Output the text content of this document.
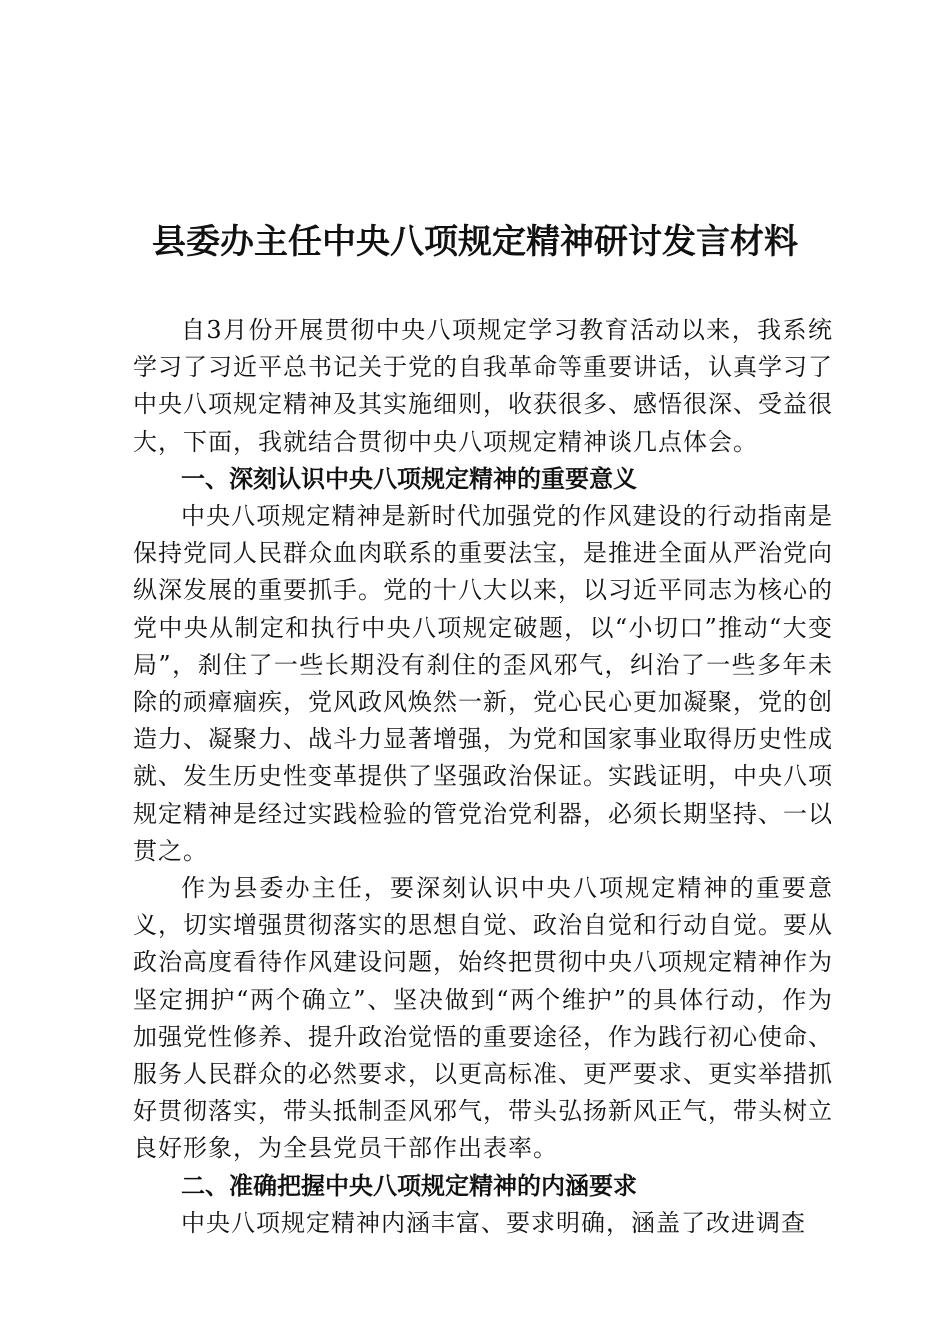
县委办主任中央八项规定精神研讨发言材料

自3月份开展贯彻中央八项规定学习教育活动以来，我系统学习了习近平总书记关于党的自我革命等重要讲话，认真学习了中央八项规定精神及其实施细则，收获很多、感悟很深、受益很大，下面，我就结合贯彻中央八项规定精神谈几点体会。

一、深刻认识中央八项规定精神的重要意义

中央八项规定精神是新时代加强党的作风建设的行动指南是保持党同人民群众血肉联系的重要法宝，是推进全面从严治党向纵深发展的重要抓手。党的十八大以来，以习近平同志为核心的党中央从制定和执行中央八项规定破题，以“小切口”推动“大变局”，刹住了一些长期没有刹住的歪风邪气，纠治了一些多年未除的顽瘴痼疾，党风政风焕然一新，党心民心更加凝聚，党的创造力、凝聚力、战斗力显著增强，为党和国家事业取得历史性成就、发生历史性变革提供了坚强政治保证。实践证明，中央八项规定精神是经过实践检验的管党治党利器，必须长期坚持、一以贯之。

作为县委办主任，要深刻认识中央八项规定精神的重要意义，切实增强贯彻落实的思想自觉、政治自觉和行动自觉。要从政治高度看待作风建设问题，始终把贯彻中央八项规定精神作为坚定拥护“两个确立”、坚决做到“两个维护”的具体行动，作为加强党性修养、提升政治觉悟的重要途径，作为践行初心使命、服务人民群众的必然要求，以更高标准、更严要求、更实举措抓好贯彻落实，带头抵制歪风邪气，带头弘扬新风正气，带头树立良好形象，为全县党员干部作出表率。

二、准确把握中央八项规定精神的内涵要求

中央八项规定精神内涵丰富、要求明确，涵盖了改进调查
